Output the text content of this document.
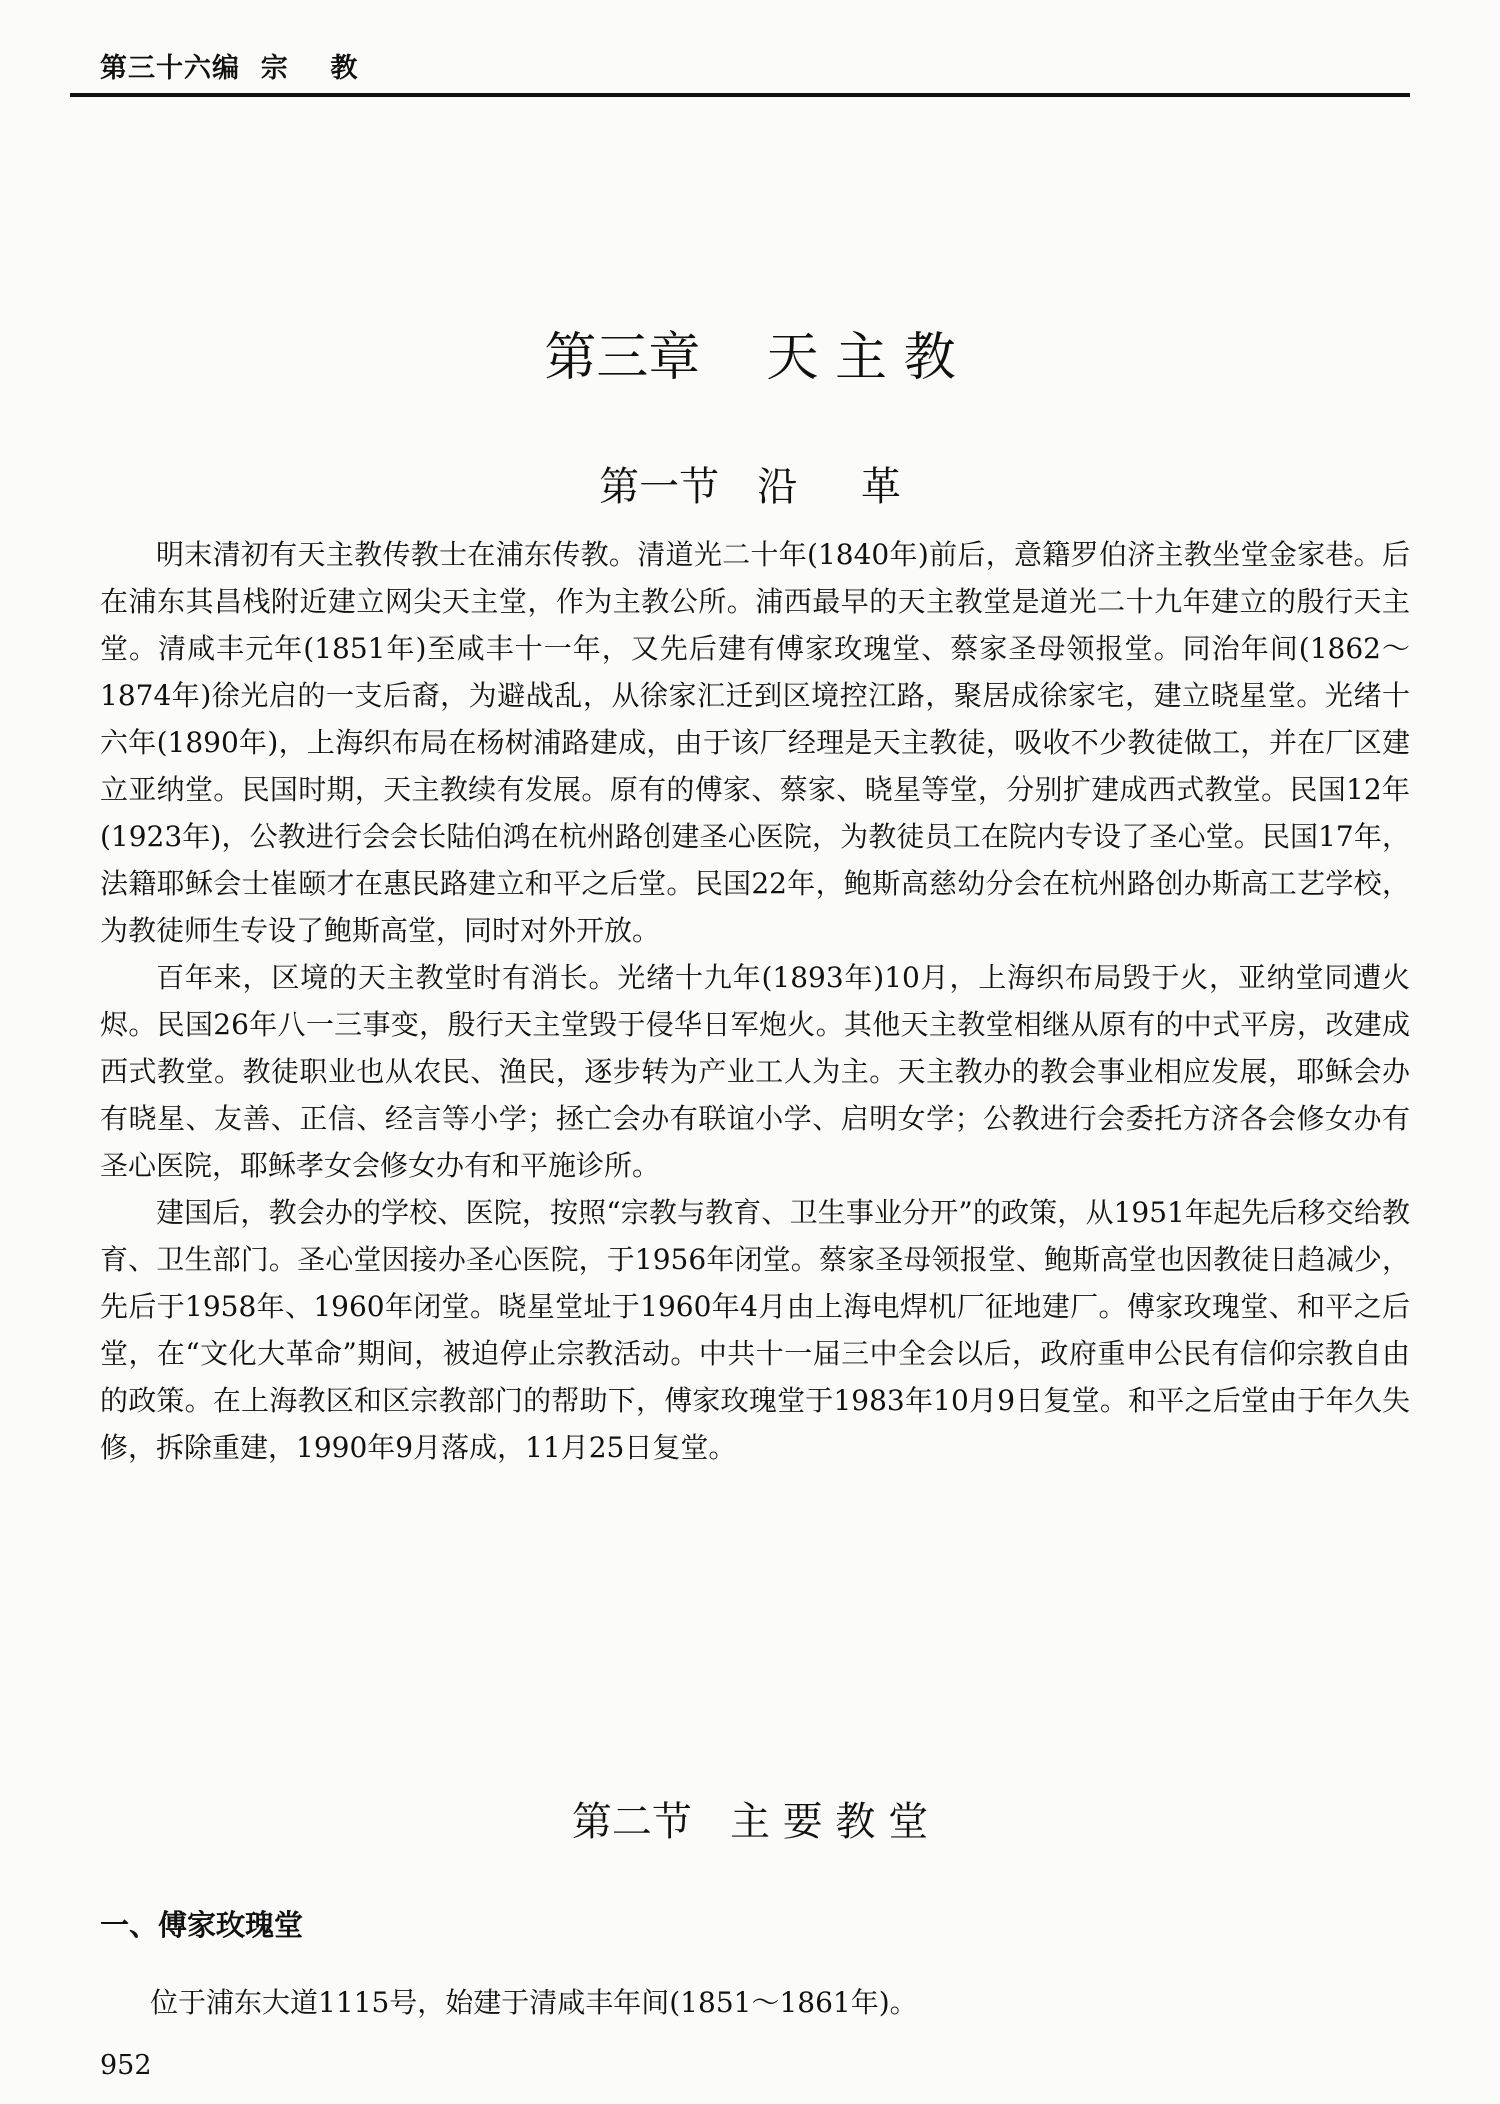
第三十六编  宗    教
第三章    天 主 教
第一节   沿     革

明末清初有天主教传教士在浦东传教。清道光二十年(1840年)前后，意籍罗伯济主教坐堂金家巷。后在浦东其昌栈附近建立网尖天主堂，作为主教公所。浦西最早的天主教堂是道光二十九年建立的殷行天主堂。清咸丰元年(1851年)至咸丰十一年，又先后建有傅家玫瑰堂、蔡家圣母领报堂。同治年间(1862～1874年)徐光启的一支后裔，为避战乱，从徐家汇迁到区境控江路，聚居成徐家宅，建立晓星堂。光绪十六年(1890年)，上海织布局在杨树浦路建成，由于该厂经理是天主教徒，吸收不少教徒做工，并在厂区建立亚纳堂。民国时期，天主教续有发展。原有的傅家、蔡家、晓星等堂，分别扩建成西式教堂。民国12年(1923年)，公教进行会会长陆伯鸿在杭州路创建圣心医院，为教徒员工在院内专设了圣心堂。民国17年，法籍耶稣会士崔颐才在惠民路建立和平之后堂。民国22年，鲍斯高慈幼分会在杭州路创办斯高工艺学校，为教徒师生专设了鲍斯高堂，同时对外开放。

百年来，区境的天主教堂时有消长。光绪十九年(1893年)10月，上海织布局毁于火，亚纳堂同遭火烬。民国26年八一三事变，殷行天主堂毁于侵华日军炮火。其他天主教堂相继从原有的中式平房，改建成西式教堂。教徒职业也从农民、渔民，逐步转为产业工人为主。天主教办的教会事业相应发展，耶稣会办有晓星、友善、正信、经言等小学；拯亡会办有联谊小学、启明女学；公教进行会委托方济各会修女办有圣心医院，耶稣孝女会修女办有和平施诊所。

建国后，教会办的学校、医院，按照“宗教与教育、卫生事业分开”的政策，从1951年起先后移交给教育、卫生部门。圣心堂因接办圣心医院，于1956年闭堂。蔡家圣母领报堂、鲍斯高堂也因教徒日趋减少，先后于1958年、1960年闭堂。晓星堂址于1960年4月由上海电焊机厂征地建厂。傅家玫瑰堂、和平之后堂，在“文化大革命”期间，被迫停止宗教活动。中共十一届三中全会以后，政府重申公民有信仰宗教自由的政策。在上海教区和区宗教部门的帮助下，傅家玫瑰堂于1983年10月9日复堂。和平之后堂由于年久失修，拆除重建，1990年9月落成，11月25日复堂。

第二节   主 要 教 堂
一、傅家玫瑰堂
位于浦东大道1115号，始建于清咸丰年间(1851～1861年)。
952
